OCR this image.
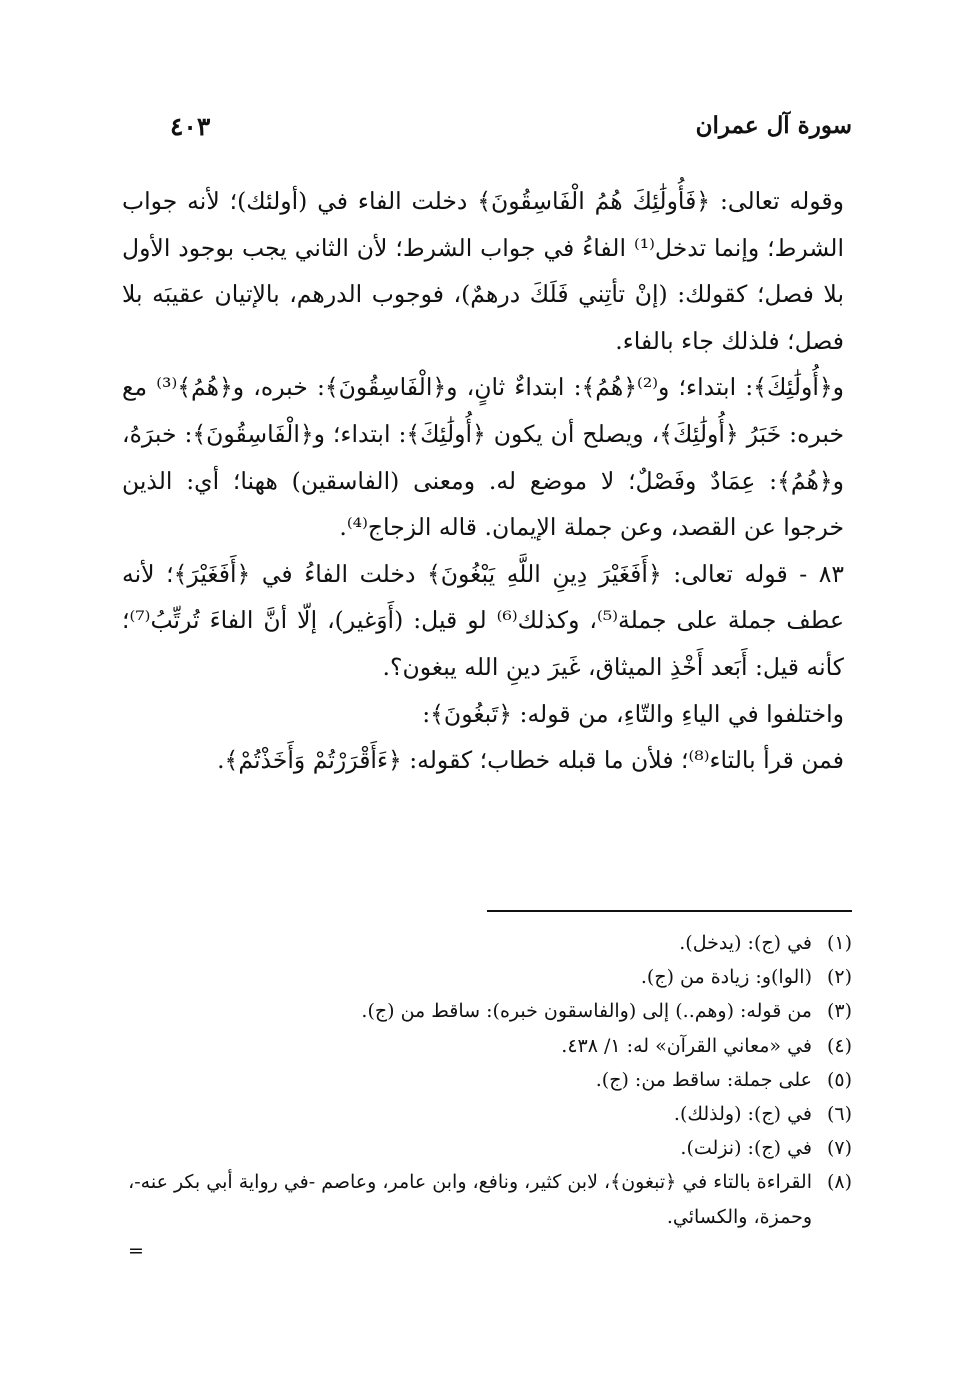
سورة آل عمران
٤٠٣

وقوله تعالى: ﴿فَأُولَٰئِكَ هُمُ الْفَاسِقُونَ﴾ دخلت الفاء في (أولئك)؛ لأنه جواب الشرط؛ وإنما تدخل⁽¹⁾ الفاءُ في جواب الشرط؛ لأن الثاني يجب بوجود الأول بلا فصل؛ كقولك: (إنْ تأتِني فَلَكَ درهمٌ)، فوجوب الدرهم، بالإتيان عقيبَه بلا فصل؛ فلذلك جاء بالفاء.

و﴿أُولَٰئِكَ﴾: ابتداء؛ و⁽²⁾﴿هُمُ﴾: ابتداءٌ ثانٍ، و﴿الْفَاسِقُونَ﴾: خبره، و﴿هُمُ﴾⁽³⁾ مع خبره: خَبَرُ ﴿أُولَٰئِكَ﴾، ويصلح أن يكون ﴿أُولَٰئِكَ﴾: ابتداء؛ و﴿الْفَاسِقُونَ﴾: خبرَهُ، و﴿هُمُ﴾: عِمَادٌ وفَصْلٌ؛ لا موضع له. ومعنى (الفاسقين) ههنا؛ أي: الذين خرجوا عن القصد، وعن جملة الإيمان. قاله الزجاج⁽⁴⁾.

٨٣ - قوله تعالى: ﴿أَفَغَيْرَ دِينِ اللَّهِ يَبْغُونَ﴾ دخلت الفاءُ في ﴿أَفَغَيْرَ﴾؛ لأنه عطف جملة على جملة⁽⁵⁾، وكذلك⁽⁶⁾ لو قيل: (أَوَغير)، إلّا أنَّ الفاءَ تُرتِّبُ⁽⁷⁾؛ كأنه قيل: أَبَعد أَخْذِ الميثاق، غَيرَ دينِ الله يبغون؟.

واختلفوا في الياءِ والتّاءِ، من قوله: ﴿تَبغُونَ﴾:

فمن قرأ بالتاء⁽⁸⁾؛ فلأن ما قبله خطاب؛ كقوله: ﴿ءَأَقْرَرْتُمْ وَأَخَذْتُمْ﴾.

(١)
في (ج): (يدخل).
(٢)
(الوا)و: زيادة من (ج).
(٣)
من قوله: (وهم..) إلى (والفاسقون خبره): ساقط من (ج).
(٤)
في «معاني القرآن» له: ١/ ٤٣٨.
(٥)
على جملة: ساقط من: (ج).
(٦)
في (ج): (ولذلك).
(٧)
في (ج): (نزلت).
(٨)
القراءة بالتاء في ﴿تبغون﴾، لابن كثير، ونافع، وابن عامر، وعاصم -في رواية أبي بكر عنه-، وحمزة، والكسائي.
=
